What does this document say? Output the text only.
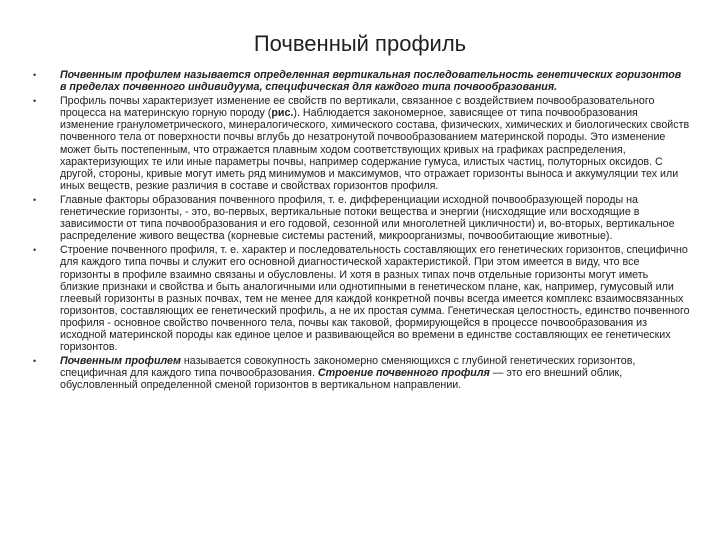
Почвенный профиль
• Почвенным профилем называется определенная вертикальная последовательность генетических горизонтов в пределах почвенного индивидуума, специфическая для каждого типа почвообразования.
• Профиль почвы характеризует изменение ее свойств по вертикали, связанное с воздействием почвообразовательного процесса на материнскую горную породу (рис.). Наблюдается закономерное, зависящее от типа почвообразования изменение гранулометрического, минералогического, химического состава, физических, химических и биологических свойств почвенного тела от поверхности почвы вглубь до незатронутой почвообразованием материнской породы. Это изменение может быть постепенным, что отражается плавным ходом соответствующих кривых на графиках распределения, характеризующих те или иные параметры почвы, например содержание гумуса, илистых частиц, полуторных оксидов. С другой, стороны, кривые могут иметь ряд минимумов и максимумов, что отражает горизонты выноса и аккумуляции тех или иных веществ, резкие различия в составе и свойствах горизонтов профиля.
• Главные факторы образования почвенного профиля, т. е. дифференциации исходной почвообразующей породы на генетические горизонты, - это, во-первых, вертикальные потоки вещества и энергии (нисходящие или восходящие в зависимости от типа почвообразования и его годовой, сезонной или многолетней цикличности) и, во-вторых, вертикальное распределение живого вещества (корневые системы растений, микроорганизмы, почвообитающие животные).
• Строение почвенного профиля, т. е. характер и последовательность составляющих его генетических горизонтов, специфично для каждого типа почвы и служит его основной диагностической характеристикой. При этом имеется в виду, что все горизонты в профиле взаимно связаны и обусловлены. И хотя в разных типах почв отдельные горизонты могут иметь близкие признаки и свойства и быть аналогичными или однотипными в генетическом плане, как, например, гумусовый или глеевый горизонты в разных почвах, тем не менее для каждой конкретной почвы всегда имеется комплекс взаимосвязанных горизонтов, составляющих ее генетический профиль, а не их простая сумма. Генетическая целостность, единство почвенного профиля - основное свойство почвенного тела, почвы как таковой, формирующейся в процессе почвообразования из исходной материнской породы как единое целое и развивающейся во времени в единстве составляющих ее генетических горизонтов.
• Почвенным профилем называется совокупность закономерно сменяющихся с глубиной генетических горизонтов, специфичная для каждого типа почвообразования. Строение почвенного профиля — это его внешний облик, обусловленный определенной сменой горизонтов в вертикальном направлении.
